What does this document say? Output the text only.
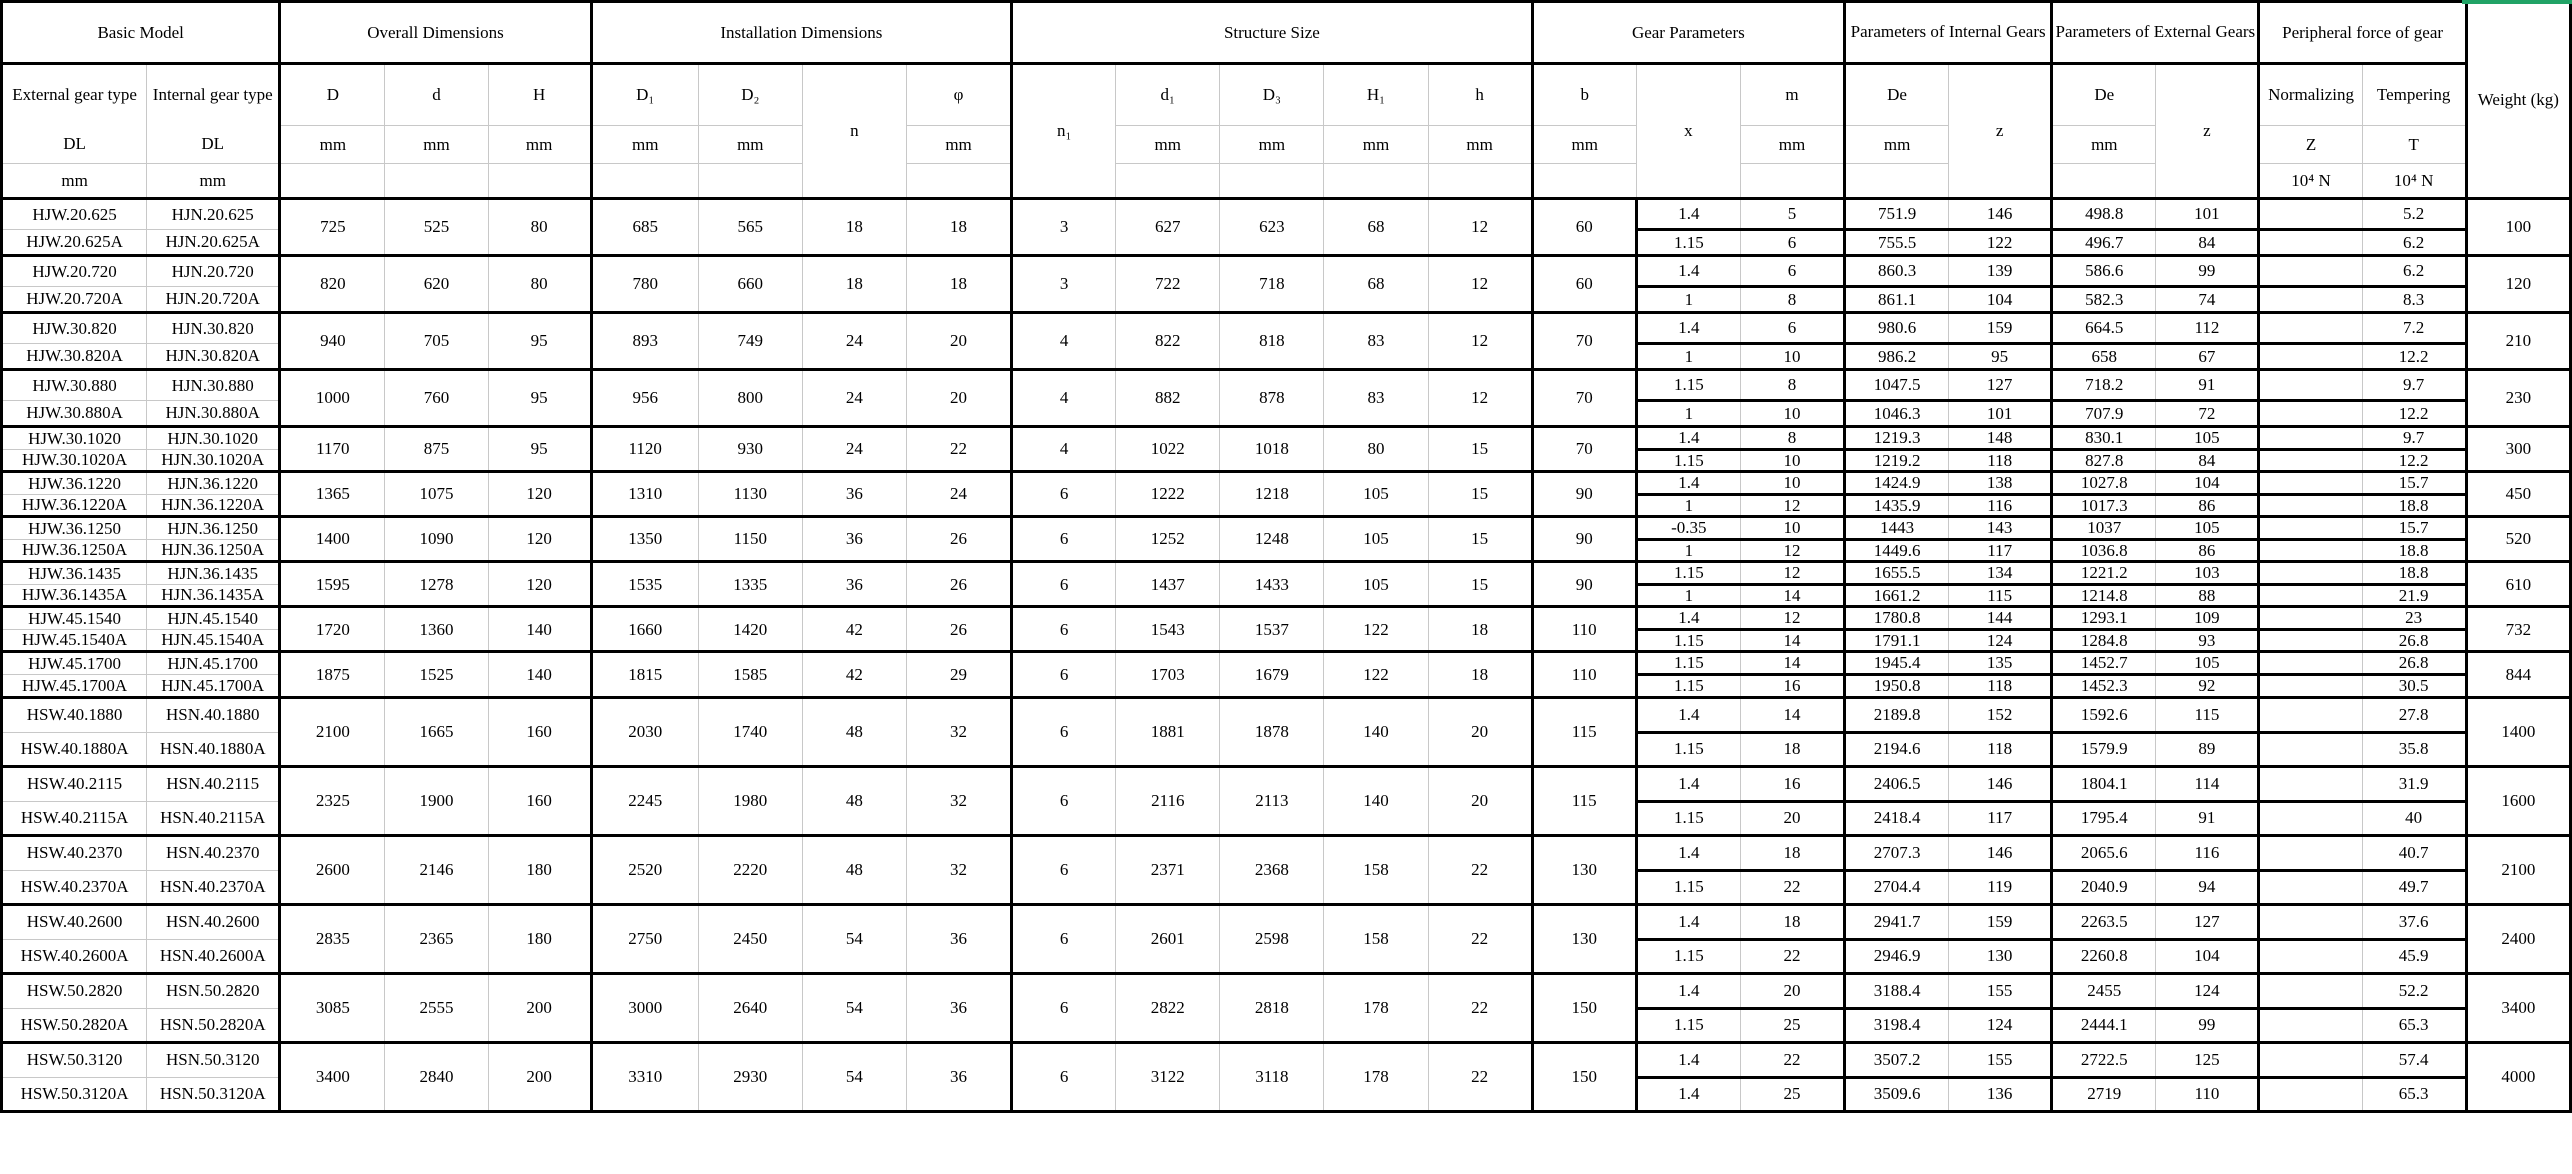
Basic Model		Overall Dimensions			Installation Dimensions				Structure Size					Gear Parameters			Parameters of Internal Gears		Parameters of External Gears		Peripheral force of gear		Weight (kg)
External gear type	Internal gear type	D	d	H	D₁	D₂	n	φ	n₁	d₁	D₃	H₁	h	b	x	m	De	z	De	z	Normalizing	Tempering	
DL	DL	mm	mm	mm	mm	mm		mm		mm	mm	mm	mm	mm		mm	mm		mm		Z	T	
mm	mm																				10⁴ N	10⁴ N	
HJW.20.625	HJN.20.625	725	525	80	685	565	18	18	3	627	623	68	12	60	1.4	5	751.9	146	498.8	101		5.2	100
HJW.20.625A	HJN.20.625A														1.15	6	755.5	122	496.7	84		6.2	
HJW.20.720	HJN.20.720	820	620	80	780	660	18	18	3	722	718	68	12	60	1.4	6	860.3	139	586.6	99		6.2	120
HJW.20.720A	HJN.20.720A														1	8	861.1	104	582.3	74		8.3	
HJW.30.820	HJN.30.820	940	705	95	893	749	24	20	4	822	818	83	12	70	1.4	6	980.6	159	664.5	112		7.2	210
HJW.30.820A	HJN.30.820A														1	10	986.2	95	658	67		12.2	
HJW.30.880	HJN.30.880	1000	760	95	956	800	24	20	4	882	878	83	12	70	1.15	8	1047.5	127	718.2	91		9.7	230
HJW.30.880A	HJN.30.880A														1	10	1046.3	101	707.9	72		12.2	
HJW.30.1020	HJN.30.1020	1170	875	95	1120	930	24	22	4	1022	1018	80	15	70	1.4	8	1219.3	148	830.1	105		9.7	300
HJW.30.1020A	HJN.30.1020A														1.15	10	1219.2	118	827.8	84		12.2	
HJW.36.1220	HJN.36.1220	1365	1075	120	1310	1130	36	24	6	1222	1218	105	15	90	1.4	10	1424.9	138	1027.8	104		15.7	450
HJW.36.1220A	HJN.36.1220A														1	12	1435.9	116	1017.3	86		18.8	
HJW.36.1250	HJN.36.1250	1400	1090	120	1350	1150	36	26	6	1252	1248	105	15	90	-0.35	10	1443	143	1037	105		15.7	520
HJW.36.1250A	HJN.36.1250A														1	12	1449.6	117	1036.8	86		18.8	
HJW.36.1435	HJN.36.1435	1595	1278	120	1535	1335	36	26	6	1437	1433	105	15	90	1.15	12	1655.5	134	1221.2	103		18.8	610
HJW.36.1435A	HJN.36.1435A														1	14	1661.2	115	1214.8	88		21.9	
HJW.45.1540	HJN.45.1540	1720	1360	140	1660	1420	42	26	6	1543	1537	122	18	110	1.4	12	1780.8	144	1293.1	109		23	732
HJW.45.1540A	HJN.45.1540A														1.15	14	1791.1	124	1284.8	93		26.8	
HJW.45.1700	HJN.45.1700	1875	1525	140	1815	1585	42	29	6	1703	1679	122	18	110	1.15	14	1945.4	135	1452.7	105		26.8	844
HJW.45.1700A	HJN.45.1700A														1.15	16	1950.8	118	1452.3	92		30.5	
HSW.40.1880	HSN.40.1880	2100	1665	160	2030	1740	48	32	6	1881	1878	140	20	115	1.4	14	2189.8	152	1592.6	115		27.8	1400
HSW.40.1880A	HSN.40.1880A														1.15	18	2194.6	118	1579.9	89		35.8	
HSW.40.2115	HSN.40.2115	2325	1900	160	2245	1980	48	32	6	2116	2113	140	20	115	1.4	16	2406.5	146	1804.1	114		31.9	1600
HSW.40.2115A	HSN.40.2115A														1.15	20	2418.4	117	1795.4	91		40	
HSW.40.2370	HSN.40.2370	2600	2146	180	2520	2220	48	32	6	2371	2368	158	22	130	1.4	18	2707.3	146	2065.6	116		40.7	2100
HSW.40.2370A	HSN.40.2370A														1.15	22	2704.4	119	2040.9	94		49.7	
HSW.40.2600	HSN.40.2600	2835	2365	180	2750	2450	54	36	6	2601	2598	158	22	130	1.4	18	2941.7	159	2263.5	127		37.6	2400
HSW.40.2600A	HSN.40.2600A														1.15	22	2946.9	130	2260.8	104		45.9	
HSW.50.2820	HSN.50.2820	3085	2555	200	3000	2640	54	36	6	2822	2818	178	22	150	1.4	20	3188.4	155	2455	124		52.2	3400
HSW.50.2820A	HSN.50.2820A														1.15	25	3198.4	124	2444.1	99		65.3	
HSW.50.3120	HSN.50.3120	3400	2840	200	3310	2930	54	36	6	3122	3118	178	22	150	1.4	22	3507.2	155	2722.5	125		57.4	4000
HSW.50.3120A	HSN.50.3120A														1.4	25	3509.6	136	2719	110		65.3	
